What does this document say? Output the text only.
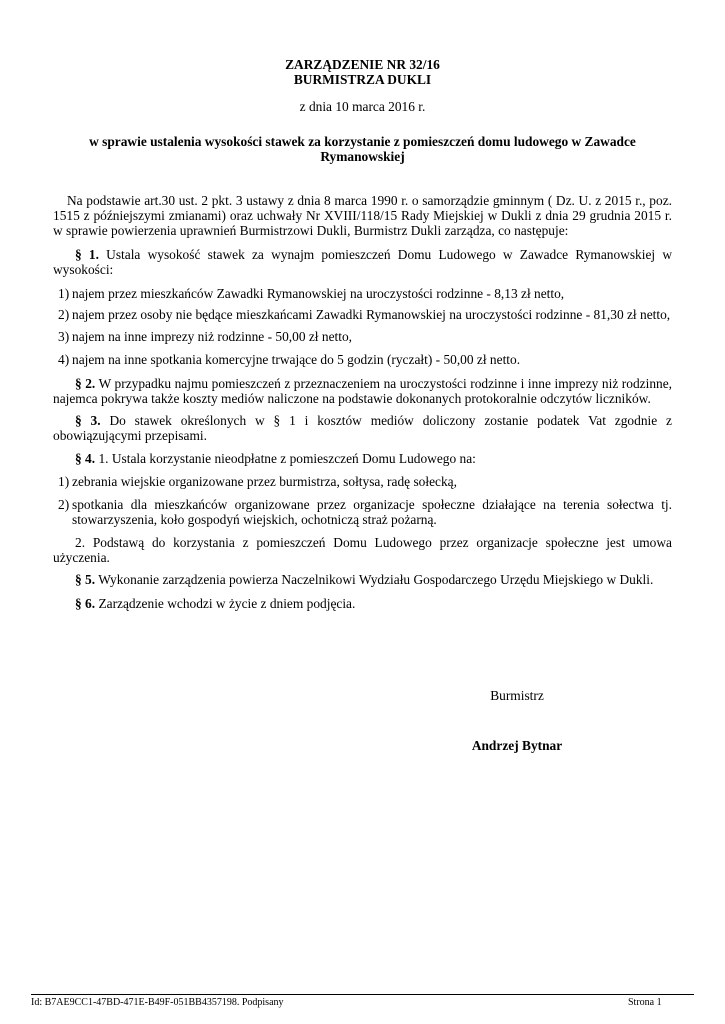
ZARZĄDZENIE NR 32/16
BURMISTRZA DUKLI
z dnia 10 marca 2016 r.
w sprawie ustalenia wysokości stawek za korzystanie z pomieszczeń domu ludowego w Zawadce
Rymanowskiej
Na podstawie art.30 ust. 2 pkt. 3 ustawy z dnia 8 marca 1990 r. o samorządzie gminnym ( Dz. U. z 2015 r., poz. 1515 z późniejszymi zmianami) oraz uchwały Nr XVIII/118/15 Rady Miejskiej w Dukli z dnia 29 grudnia 2015 r. w sprawie powierzenia uprawnień Burmistrzowi Dukli, Burmistrz Dukli zarządza, co następuje:
§ 1. Ustala wysokość stawek za wynajm pomieszczeń Domu Ludowego w Zawadce Rymanowskiej w wysokości:
1) najem przez mieszkańców Zawadki Rymanowskiej na uroczystości rodzinne - 8,13 zł netto,
2) najem przez osoby nie będące mieszkańcami Zawadki Rymanowskiej na uroczystości rodzinne - 81,30 zł netto,
3) najem na inne imprezy niż rodzinne - 50,00 zł netto,
4) najem na inne spotkania komercyjne trwające do 5 godzin (ryczałt) - 50,00 zł netto.
§ 2. W przypadku najmu pomieszczeń z przeznaczeniem na uroczystości rodzinne i inne imprezy niż rodzinne, najemca pokrywa także koszty mediów naliczone na podstawie dokonanych protokoralnie odczytów liczników.
§ 3. Do stawek określonych w § 1 i kosztów mediów doliczony zostanie podatek Vat zgodnie z obowiązującymi przepisami.
§ 4. 1. Ustala korzystanie nieodpłatne z pomieszczeń Domu Ludowego na:
1) zebrania wiejskie organizowane przez burmistrza, sołtysa, radę sołecką,
2) spotkania dla mieszkańców organizowane przez organizacje społeczne działające na terenia sołectwa tj. stowarzyszenia, koło gospodyń wiejskich, ochotniczą straż pożarną.
2. Podstawą do korzystania z pomieszczeń Domu Ludowego przez organizacje społeczne jest umowa użyczenia.
§ 5. Wykonanie zarządzenia powierza Naczelnikowi Wydziału Gospodarczego Urzędu Miejskiego w Dukli.
§ 6. Zarządzenie wchodzi w życie z dniem podjęcia.
Burmistrz
Andrzej Bytnar
Id: B7AE9CC1-47BD-471E-B49F-051BB4357198. Podpisany	Strona 1
